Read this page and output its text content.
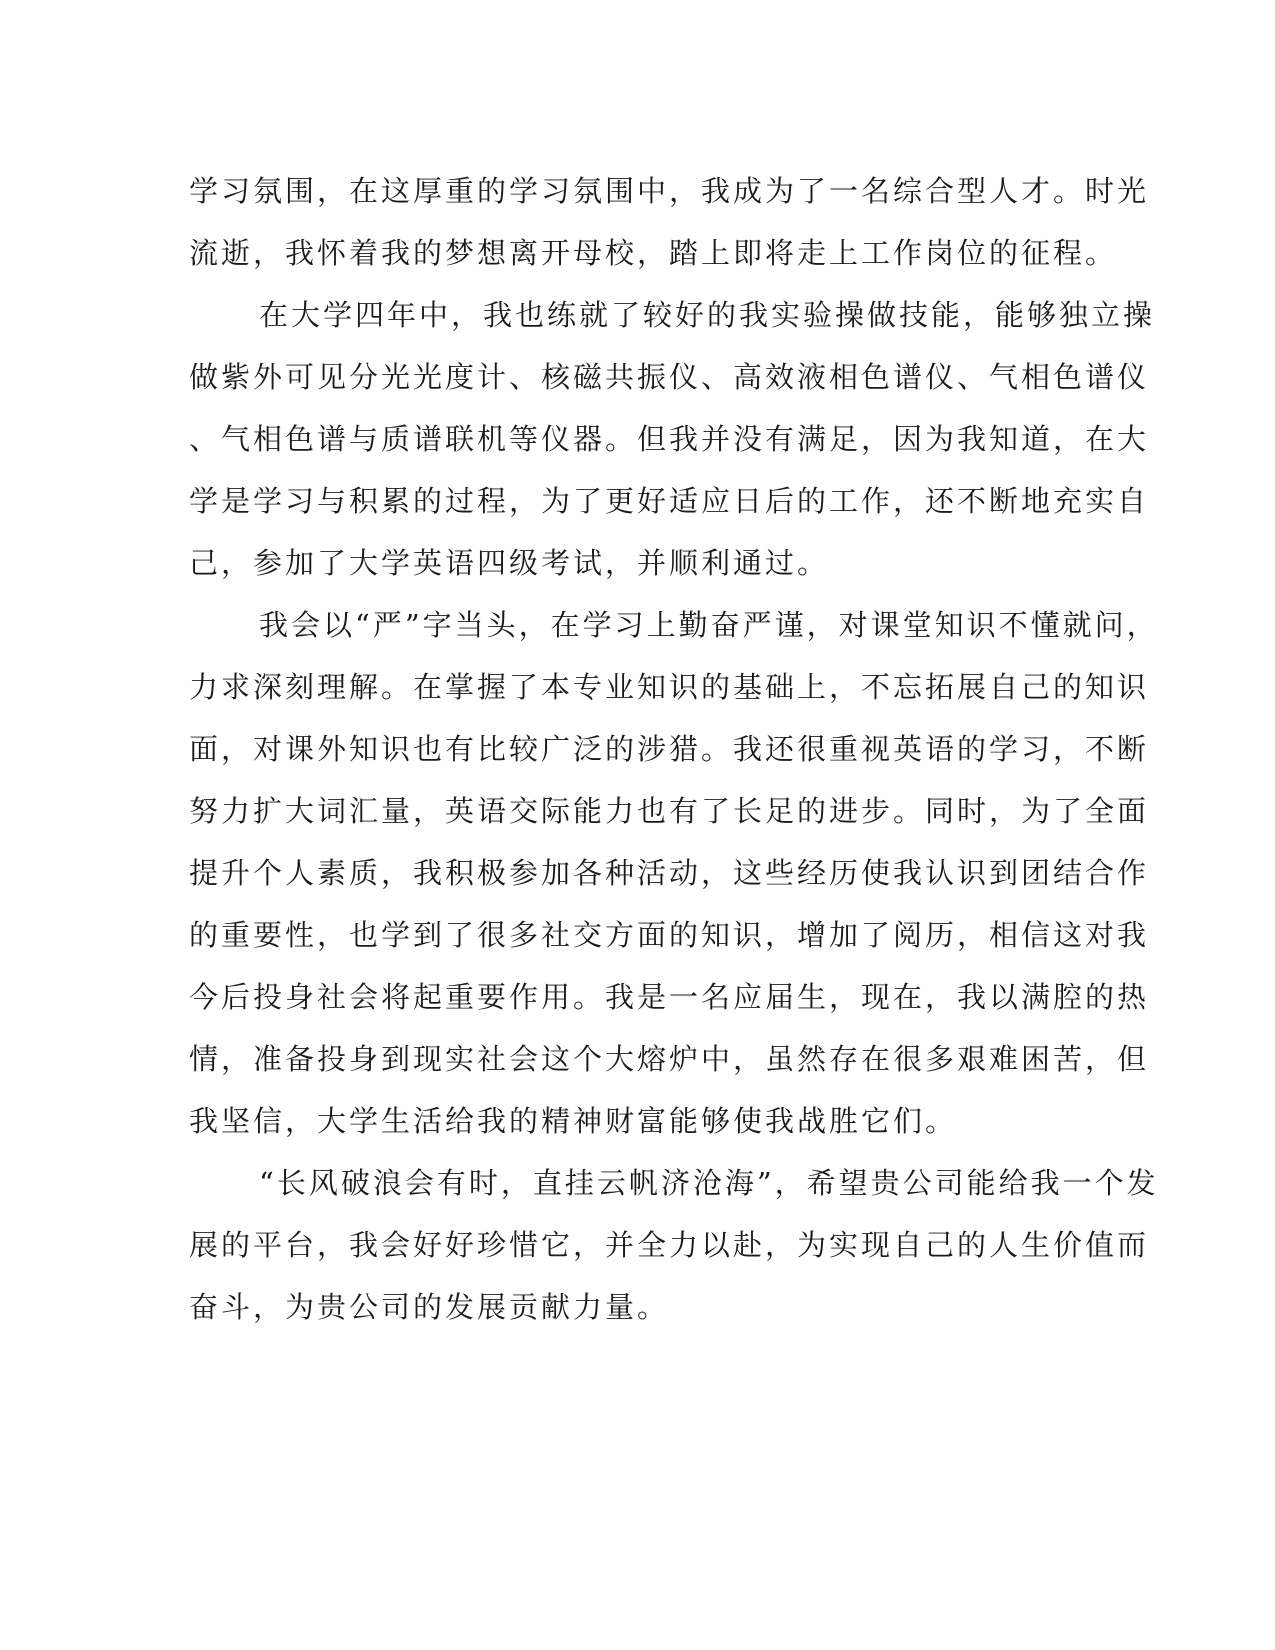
学习氛围，在这厚重的学习氛围中，我成为了一名综合型人才。时光
流逝，我怀着我的梦想离开母校，踏上即将走上工作岗位的征程。
在大学四年中，我也练就了较好的我实验操做技能，能够独立操
做紫外可见分光光度计、核磁共振仪、高效液相色谱仪、气相色谱仪
、气相色谱与质谱联机等仪器。但我并没有满足，因为我知道，在大
学是学习与积累的过程，为了更好适应日后的工作，还不断地充实自
己，参加了大学英语四级考试，并顺利通过。
我会以“严”字当头，在学习上勤奋严谨，对课堂知识不懂就问，
力求深刻理解。在掌握了本专业知识的基础上，不忘拓展自己的知识
面，对课外知识也有比较广泛的涉猎。我还很重视英语的学习，不断
努力扩大词汇量，英语交际能力也有了长足的进步。同时，为了全面
提升个人素质，我积极参加各种活动，这些经历使我认识到团结合作
的重要性，也学到了很多社交方面的知识，增加了阅历，相信这对我
今后投身社会将起重要作用。我是一名应届生，现在，我以满腔的热
情，准备投身到现实社会这个大熔炉中，虽然存在很多艰难困苦，但
我坚信，大学生活给我的精神财富能够使我战胜它们。
“长风破浪会有时，直挂云帆济沧海”，希望贵公司能给我一个发
展的平台，我会好好珍惜它，并全力以赴，为实现自己的人生价值而
奋斗，为贵公司的发展贡献力量。
